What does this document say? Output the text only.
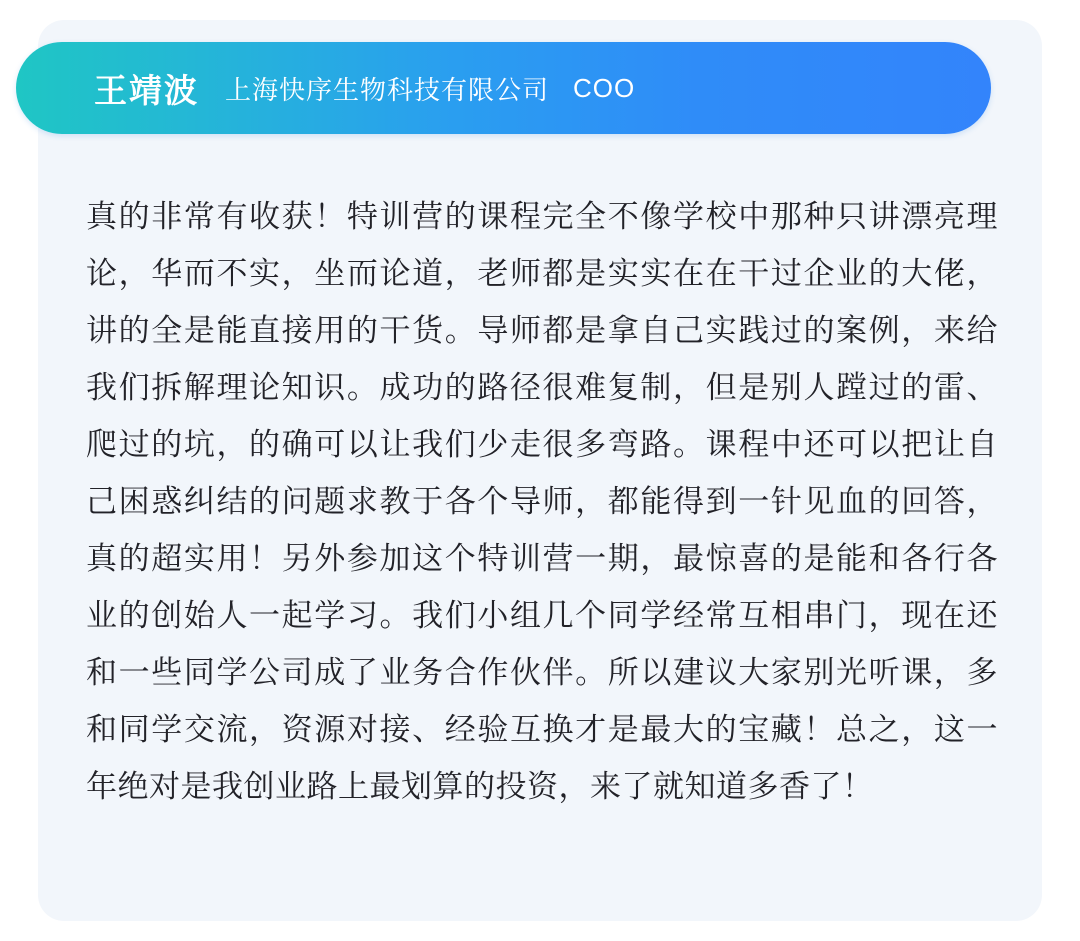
王靖波 上海快序生物科技有限公司 COO
真的非常有收获！特训营的课程完全不像学校中那种只讲漂亮理论，华而不实，坐而论道，老师都是实实在在干过企业的大佬，讲的全是能直接用的干货。导师都是拿自己实践过的案例，来给我们拆解理论知识。成功的路径很难复制，但是别人蹚过的雷、爬过的坑，的确可以让我们少走很多弯路。课程中还可以把让自己困惑纠结的问题求教于各个导师，都能得到一针见血的回答，真的超实用！另外参加这个特训营一期，最惊喜的是能和各行各业的创始人一起学习。我们小组几个同学经常互相串门，现在还和一些同学公司成了业务合作伙伴。所以建议大家别光听课，多和同学交流，资源对接、经验互换才是最大的宝藏！总之，这一年绝对是我创业路上最划算的投资，来了就知道多香了！
